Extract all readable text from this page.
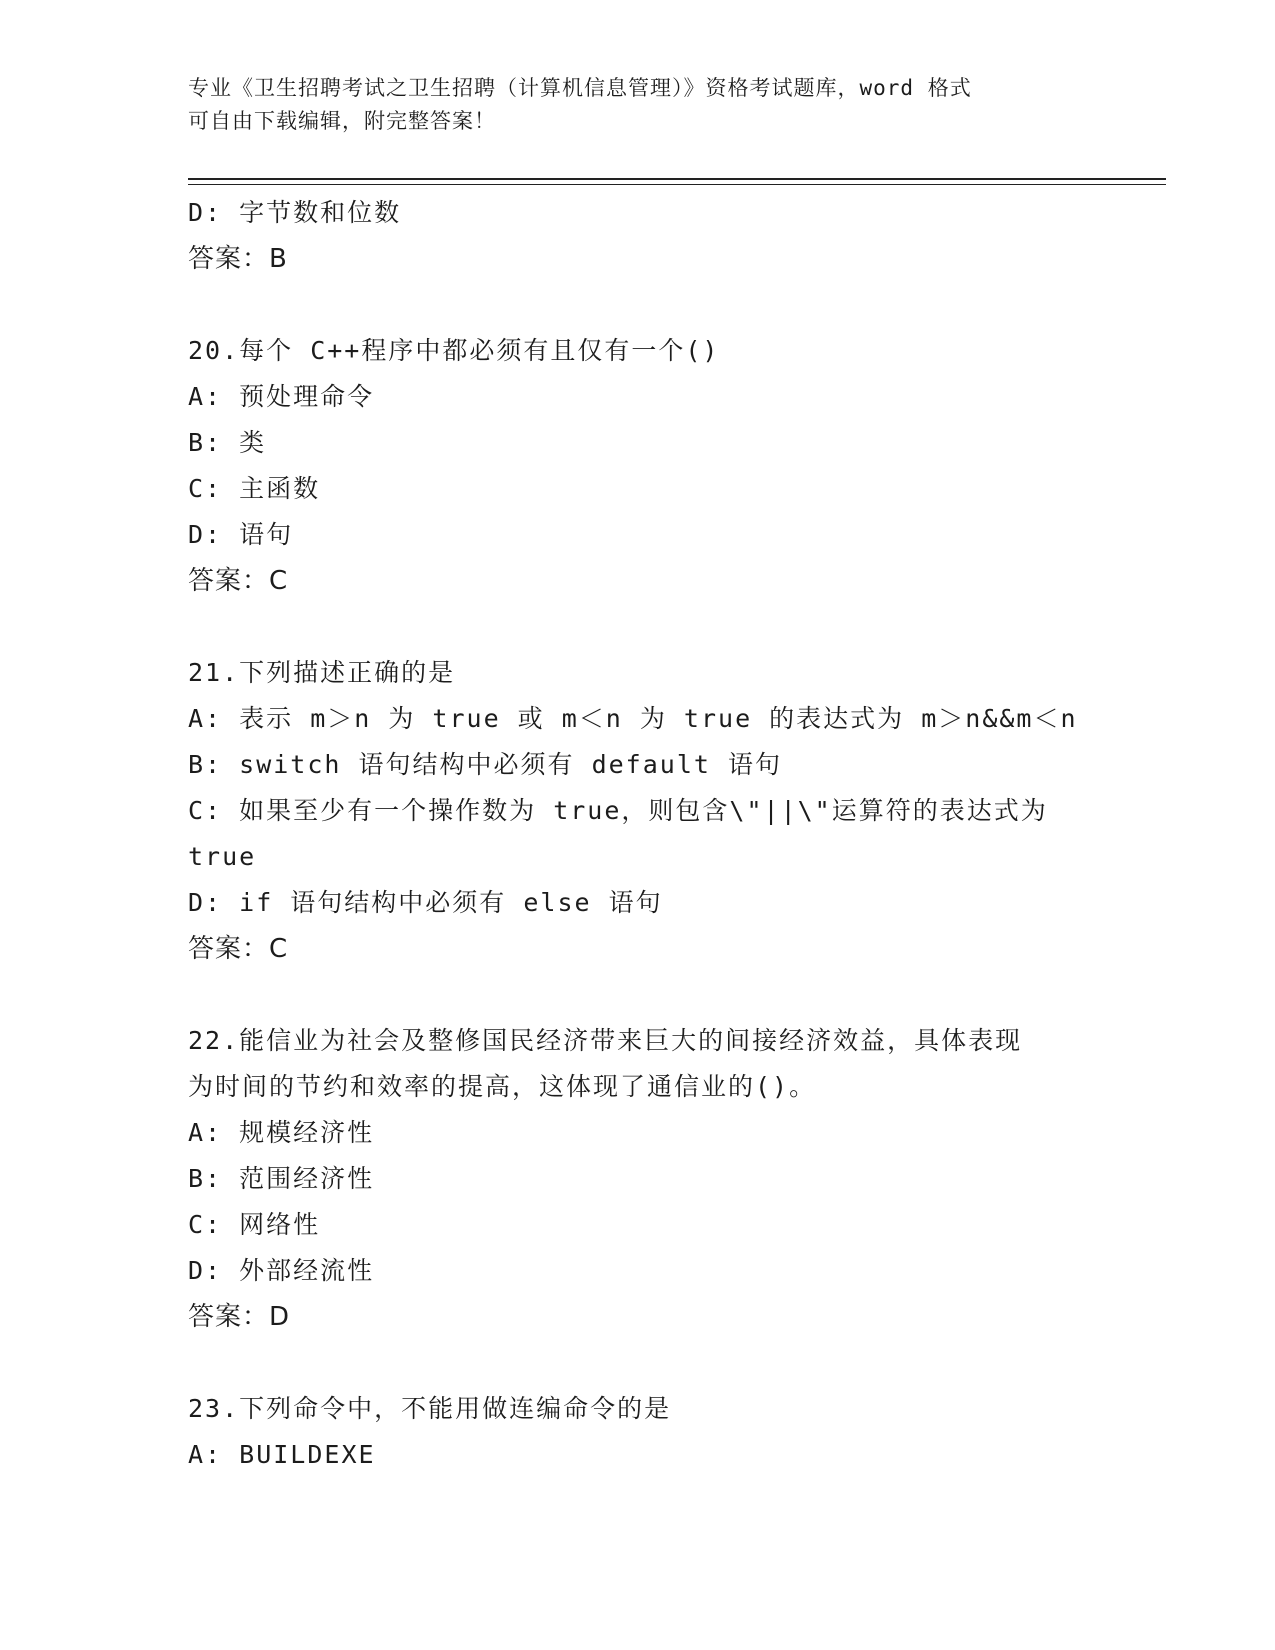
专业《卫生招聘考试之卫生招聘（计算机信息管理）》资格考试题库，word 格式
可自由下载编辑，附完整答案！
D: 字节数和位数
答案：B
20.每个 C++程序中都必须有且仅有一个()
A: 预处理命令
B: 类
C: 主函数
D: 语句
答案：C
21.下列描述正确的是
A: 表示 m＞n 为 true 或 m＜n 为 true 的表达式为 m＞n&&m＜n
B: switch 语句结构中必须有 default 语句
C: 如果至少有一个操作数为 true，则包含\"||\"运算符的表达式为
true
D: if 语句结构中必须有 else 语句
答案：C
22.能信业为社会及整修国民经济带来巨大的间接经济效益，具体表现
为时间的节约和效率的提高，这体现了通信业的()。
A: 规模经济性
B: 范围经济性
C: 网络性
D: 外部经流性
答案：D
23.下列命令中，不能用做连编命令的是
A: BUILDEXE
